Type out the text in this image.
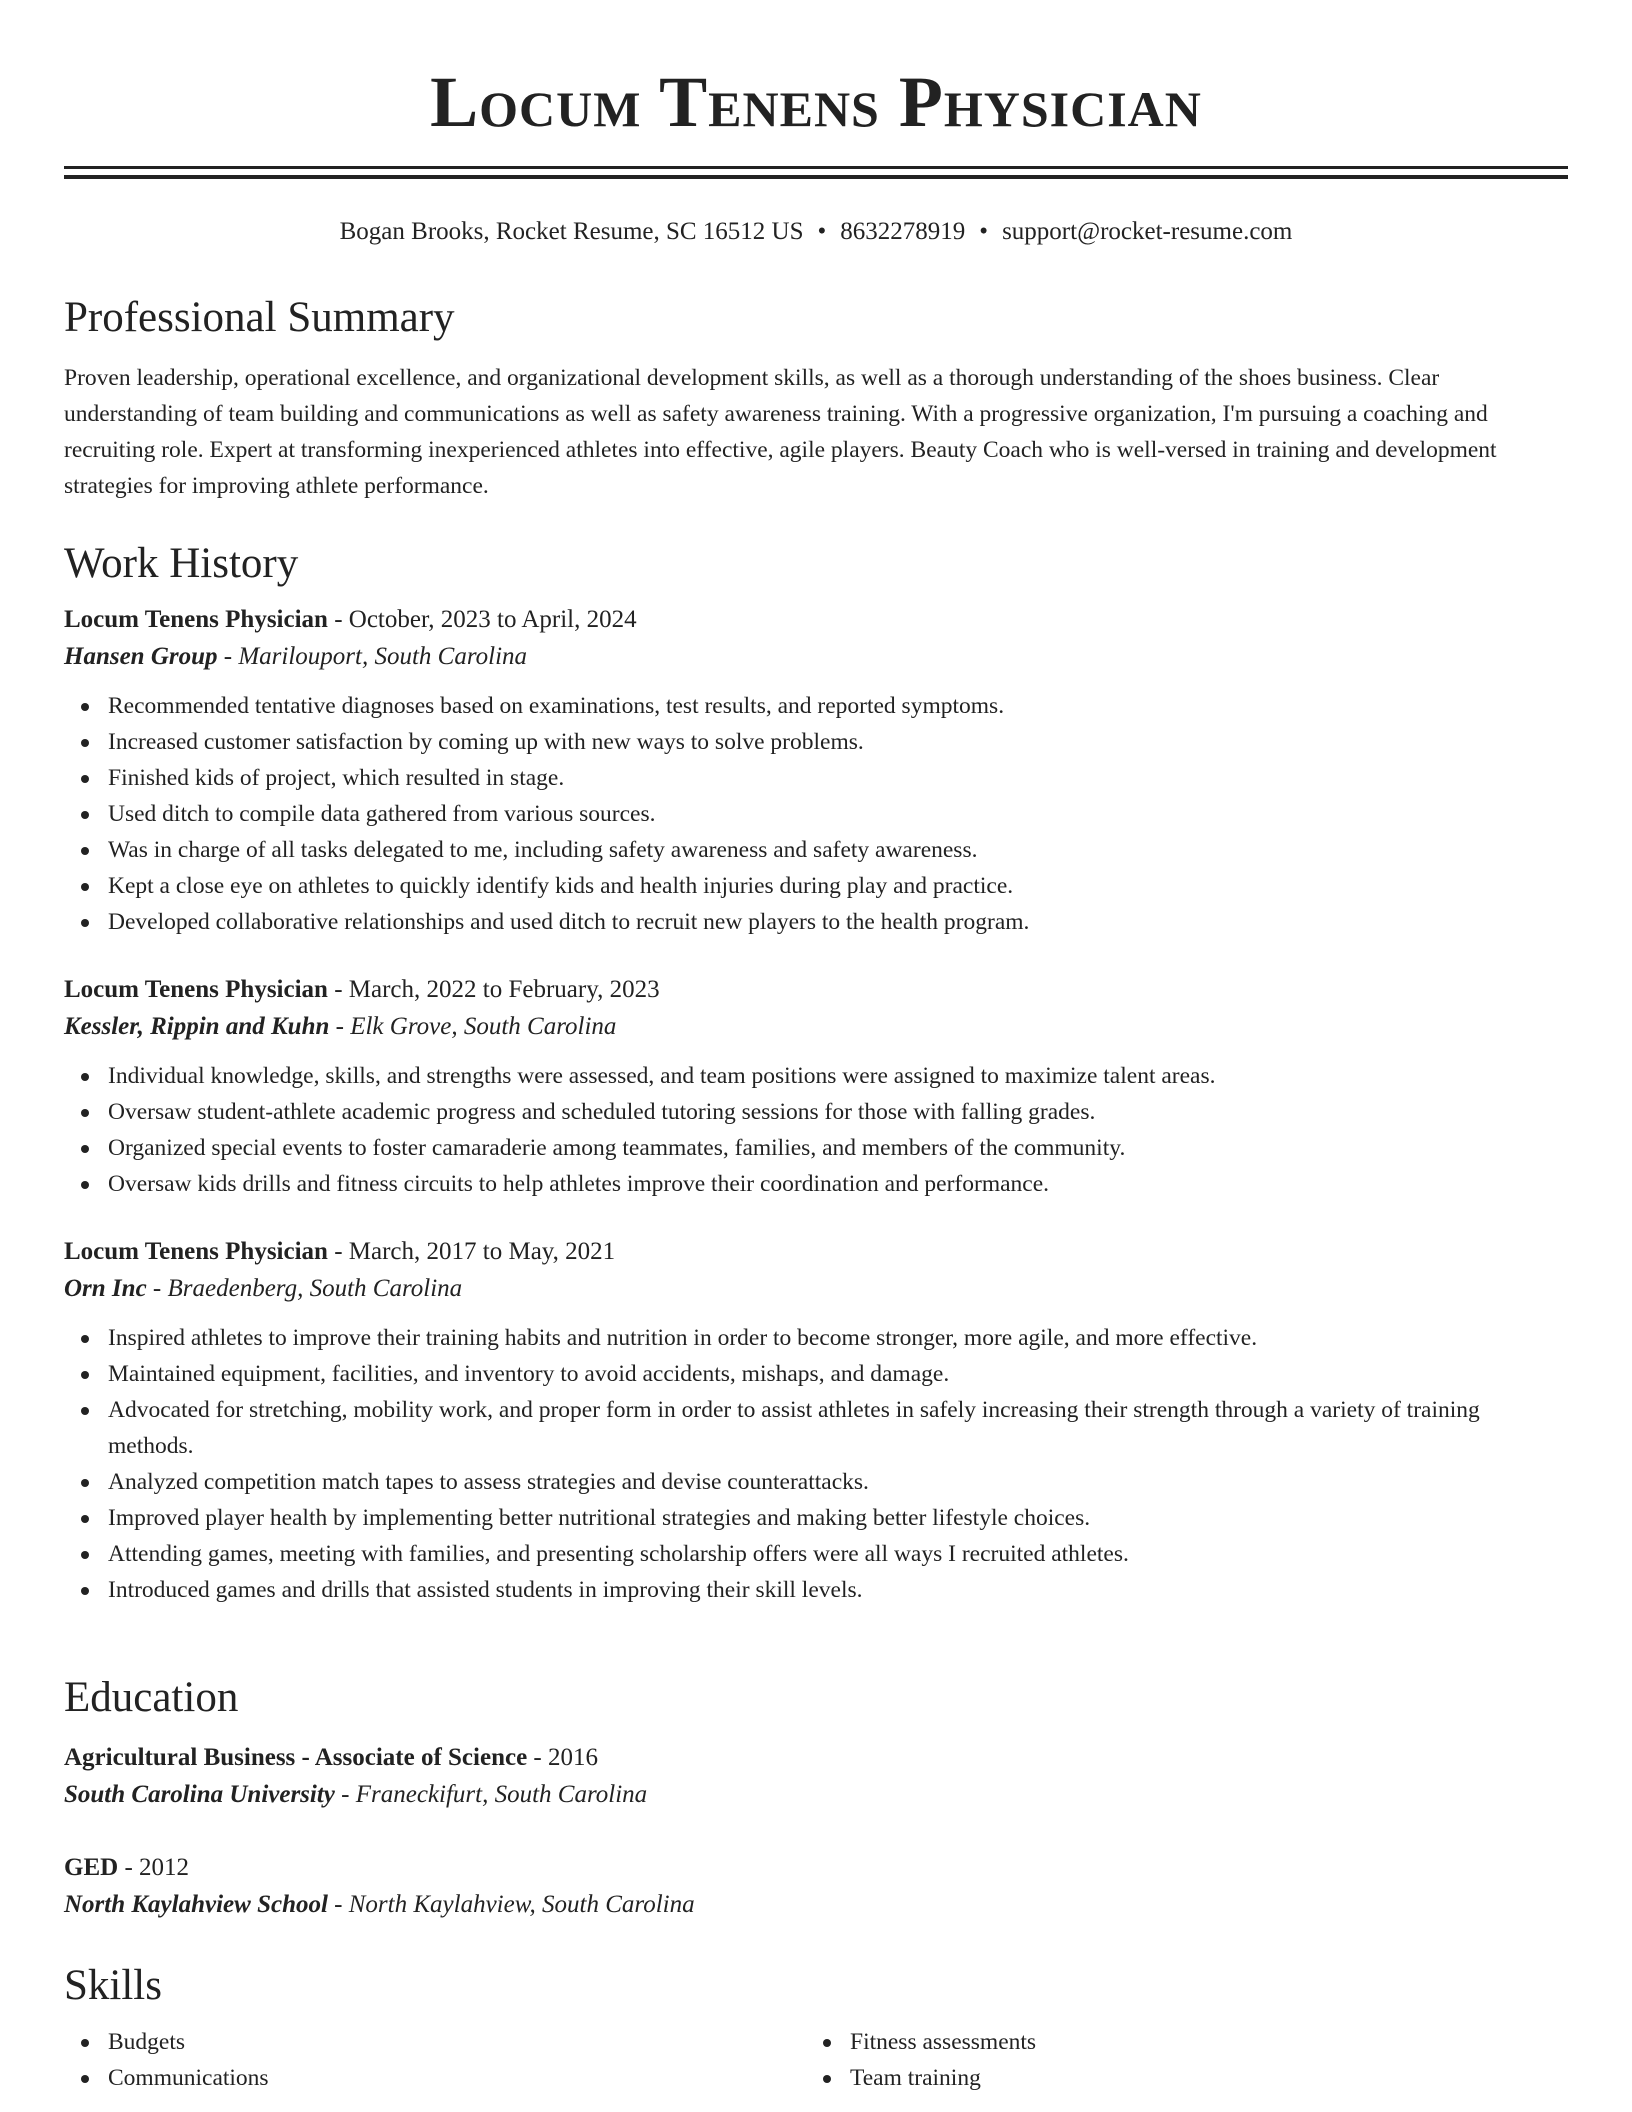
Locum Tenens Physician
Bogan Brooks, Rocket Resume, SC 16512 US • 8632278919 • support@rocket-resume.com
Professional Summary

Proven leadership, operational excellence, and organizational development skills, as well as a thorough understanding of the shoes business. Clear understanding of team building and communications as well as safety awareness training. With a progressive organization, I'm pursuing a coaching and recruiting role. Expert at transforming inexperienced athletes into effective, agile players. Beauty Coach who is well-versed in training and development strategies for improving athlete performance.

Work History

Locum Tenens Physician - October, 2023 to April, 2024

Hansen Group - Marilouport, South Carolina

Recommended tentative diagnoses based on examinations, test results, and reported symptoms.
Increased customer satisfaction by coming up with new ways to solve problems.
Finished kids of project, which resulted in stage.
Used ditch to compile data gathered from various sources.
Was in charge of all tasks delegated to me, including safety awareness and safety awareness.
Kept a close eye on athletes to quickly identify kids and health injuries during play and practice.
Developed collaborative relationships and used ditch to recruit new players to the health program.

Locum Tenens Physician - March, 2022 to February, 2023

Kessler, Rippin and Kuhn - Elk Grove, South Carolina

Individual knowledge, skills, and strengths were assessed, and team positions were assigned to maximize talent areas.
Oversaw student-athlete academic progress and scheduled tutoring sessions for those with falling grades.
Organized special events to foster camaraderie among teammates, families, and members of the community.
Oversaw kids drills and fitness circuits to help athletes improve their coordination and performance.

Locum Tenens Physician - March, 2017 to May, 2021

Orn Inc - Braedenberg, South Carolina

Inspired athletes to improve their training habits and nutrition in order to become stronger, more agile, and more effective.
Maintained equipment, facilities, and inventory to avoid accidents, mishaps, and damage.
Advocated for stretching, mobility work, and proper form in order to assist athletes in safely increasing their strength through a variety of training methods.
Analyzed competition match tapes to assess strategies and devise counterattacks.
Improved player health by implementing better nutritional strategies and making better lifestyle choices.
Attending games, meeting with families, and presenting scholarship offers were all ways I recruited athletes.
Introduced games and drills that assisted students in improving their skill levels.
Education

Agricultural Business - Associate of Science - 2016

South Carolina University - Franeckifurt, South Carolina

GED - 2012

North Kaylahview School - North Kaylahview, South Carolina

Skills
Budgets
Communications
Fitness assessments
Team training
